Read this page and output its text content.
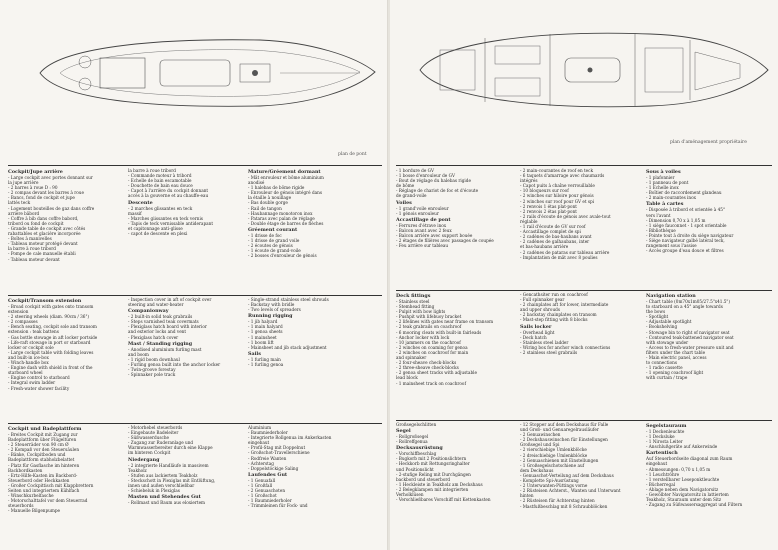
plan de pont
Cockpit/Jupe arrière
- Large cockpit avec portes donnant sur
la jupe arrière
- 2 barres à roue D : 90
- 2 compas devant les barres à roue
- Bancs, fond de cockpit et jupe
lattés teck
- Logement bouteilles de gaz dans coffre
arrière bâbord
- Coffre à bib dans coffre babord,
tribord ou fond de cockpit
- Grande table de cockpit avec côtés
rabattables et glacière incorporée
- Boîtes à manivelles
- Tableau moteur protégé devant
la barre à roue tribord
- Pompe de cale manuelle établi
- Tableau moteur devant
la barre à roue tribord
- Commande moteur à tribord
- Echelle de bain escamotable
- Douchette de bain eau douce
- Capot à l'arrière du cockpit donnant
accès à la gouverne et au chauffe-eau
Descente
- 2 marches glissantes en teck
massif
- Marches giissantes en teck vernis
- Tapis de teck vernissable antiderapant
et capitonnage anti-glisse
- capot de descente en plexi
Mature/Gréement dormant
- Mât enrouleur et bôme aluminium
anodisé
- 1 halebas de bôme rigide
- Enrouleur de génois intégré dans
la étaille à nouillage
- Bas double gorge
- Rail de tangon
- Haubannage monotoron inox
- Pataras avec palan de réglage
- Double étage de barres de flèches
Gréement courant
- 1 drisse de foc
- 1 drisse de grand voile
- 2 écoutes de génois
- 1 écoute de grand-voile
- 2 bosses d'enrouleur de génois
Cockpit/Transom extension
- Broad cockpit with gates onto transom
extension
- 2 steering wheels (diam. 90cm / 36")
- 2 compasses
- Bench seating, cockpit sole and transom
extension : teak battens
- Gas bottle stowage in aft locker portside
- Life-raft stowage in port or starboard
locker or cockpit sole
- Large cockpit table with folding leaves
and built-in ice-box
- Winch-handle box
- Engine dash with shield in front of the
starboard wheel
- Engine control to starboard
- Integral swim ladder
- Fresh-water shower facility
- Inspection cover in aft of cockpit over
steering and water-heater
Companionway
- 2 built-in solid teak grabrails
- Steps varnished teak covermats
- Plexiglass hatch board with interior
and exterior locks and vent
- Plexiglass hatch cover
Mast / Standing rigging
- Anodised aluminium furling mast
and boom
- 1 rigid boom downhaul
- Furling genoa built into the anchor locker
- Twin-groove forestay
- Spinnaker pole track
- Single-strand stainless steel shrouds
- Backstay with bridle
- Two levels of spreaders
Running rigging
- 1 jib halyard
- 1 main halyard
- 1 genoa sheets
- 1 mainsheet
- 1 boom lift
- Mainsheet and jib stack adjustment
Sails
- 1 furling main
- 1 furling genoa
Cockpit und Badeplattform
- Breites Cockpit mit Zugang zur
Badeplattform über Flügeltüren
- 2 Steuerräder von 90 cm Ø
- 2 Kompaß vor den Steuersäulen
- Bänke, Cockpitboden und
Badeplattform stabholzbelattet
- Platz für Gasflasche im hinteren
Backbordkasten
- Ertz-Hilfe-Kasten im Backbord-
Steuerbord oder Heckkasten
- Großer Cockpittisch mit Klappbrettern
Seiten und integriertem Kühlfach
- Winschkurbelfasche
- Motorschalttafel vor dem Steuerrad
steuerbords
- Manuelle Bilgenpumpe
- Motorhebel steuerbords
- Eingebaute Badeleiter
- Süßwasserdusche
- Zugang zur Ruderanlage und
Warmwasserbereiter durch eine Klappe
im hinteren Cockpit
Niedergang
- 2 integrierte Handläufe in massivem
Teakholz
- Stufen aus lackiertem Teakholz
- Steckschott in Plexiglas mit Entlüftung,
innen und außen verschließbar
- Schiebeluk in Plexiglas
Masten und Stehendes Gut
- Rollmast und Baum aus eloxiertem
Aluminium
- Baumniederholer
- Integrierte Rollgenua im Ankerkasten
eingebaut
- Profil-Stag mit Doppelnut
- Großschot-Travellerschiene
- Rodfreie Wanten
- Achterstag
- Doppelstöckige Saling
Laufendes Gut
- 1 Genuafall
- 1 Großfall
- 2 Genuaschoten
- 1 Großschot
- 1 Baumniederholer
- Trimmleinen für Fock- und
plan d'aménagement propriétaire
- 1 bordure de GV
- 1 bosse d'enrouleur de GV
- Bout de réglage du halebas rigide
de bôme
- Réglage de chariot de foc et d'écoute
de grand-voile
Voiles
- 1 grand'voile enrouleur
- 1 génois enrouleur
Accastillage de pont
- Ferrures d'étrave inox
- Balcon avant avec 2 feux
- Balcon arrière avec support bouée
- 2 étages de filières avec passages de coupée
- Feu arrière sur tableau
- 2 main-courantes de roof en teck
- 6 taquets d'amarrage avec chaumards
intégrés
- Capot puits à chaîne verrouillable
- 10 bloqueurs sur roof
- 2 winches sur hiloire pour génois
- 2 winches sur roof pour GV et spi
- 2 renvois 1 étas plat-pont
- 2 renvois 2 étas plat-pont
- 2 rails d'écoute de génois avec avale-tout
réglable
- 1 rail d'écoute de GV sur roof
- Accastillage complet de spi
- 2 cadènes de bas-haubans avant
- 2 cadènes de galhaubans, inter
et bas-haubans arrière
- 2 cadènes de pataras sur tableau arrière
- Implantation de mât avec 8 poulies
Sous à voiles
- 1 plafonnier
- 1 panneau de pont
- 1 Echelle inox
- Boîtier de raccordement glandeau
- 2 main-courantes inox
Table à cartes
- Disposée à tribord et orientée à 45°
vers l'avant
- Dimension 0,70 x à 1,05 m
- 1 siège fauconnet - 1 spot orientable
- Bibliothèque
- Pointe tout à droite du siège navigateur
- Siège navigateur galbé latéral teck,
rangement sous l'assise
- Accès groupe d'eau douce et filtres
Deck fittings
- Stainless steel
- Stemhead fitting
- Pulpit with bow lights
- Pushpit with lifebuoy bracket
- 2 lifelines with gates near frame on transom
- 2 teak grabrails on coachroof
- 6 mooring cleats with built-in fairleads
- Anchor locker with lock
- 10 jammers on the coachroof
- 2 winches on coaming for genoa
- 2 winches on coachroof for main
and spinnaker
- 2 four-sheave check-blocks
- 2 three-sheave check-blocks
- 2 genoa sheet tracks with adjustable
lead block
- 1 mainsheet track on coachroof
- Gencathsiter run on coachroof
- Full spinnaker gear
- 2 chainplates aft for lower, intermediate
and upper shrouds
- 2 backstay chainplates on transom
- Mast-step fitting with 8 blocks
Sails locker
- Overhead light
- Deck hatch
- Stainless steel ladder
- Wiring box for anchor winch connections
- 2 stainless steel grabrails
Navigation station
- Chart table (0m70x1m05/27.5"x41.5")
to starboard on a 45° angle towards
the bows
- Spotlight
- Adjustable spotlight
- Bookshelving
- Stowage bin to right of navigator seat
- Contoured teak-battened navigator seat
with stowage under
- Access to fresh-water pressure unit and
filters under the chart table
- Main electric panel, access
to connections
- 1 radio cassette
- 1 opening coachroof light
with curtain / trape
Großsegelschlitten
Segel
- Rollgroßsegel
- Rollreffgenua
Decksausrüstung
- Vorschiffbeschlag
- Bugkorb mit 2 Positionslichtern
- Heckkorb mit Rettungsringhalter
und Positionslicht
- 2-stufige Reling mit Durchgängen
backbord und steuerbord
- 1 Heckleiste in Teakholz am Deckshaus
- 2 Belegklampen mit integrierten
Verholklüsen
- Verschließbares Vorschiff mit Kettenkasten
- 12 Stopper auf dem Deckshaus für Falle
und Groß- und Genuaregelrausläufer
- 2 Genuawinschen
- 2 Deckshauswinschen für Einstellungen
Großsegel und Spi
- 2 vierschiebige Umlenkblöcke
- 2 dreischiebige Umlenkblöcke
- 2 Genuaschienen mit Einstellungen
- 1 Großsegelschotschiene auf
dem Deckshaus
- Genuaschot-Verteilung auf dem Deckshaus
- Komplette Spi-Ausrüstung
- 2 Unterwanten-Püttings vorne
- 2 Rüsteisen Achterst., Wanten und Unterwant
hinten
- 2 Rüsteisen für Achterstag hinten
- Mastfußbeschlag mit 8 Schraubblöcken
Segelstauraum
- 1 Deckenleuchte
- 1 Decksluke
- 1 Nirosta Leiter
- Anschlußgeräte auf Ankerwinde
Kartentisch
Auf Steuerbordseite diagonal zum Raum
eingebaut
- Abmessungen: 0,70 x 1,05 m
- 1 Leuchtröhre
- 1 verstellbarer Leseponktleuchte
- Bücherregal
- Ablage neben dem Navigatorsitz
- Gewölbter Navigatorsitz in lattiertem
Teakholz, Stauraum unter dem Sitz
- Zugang zu Süßwassersaggregat und Filtern
